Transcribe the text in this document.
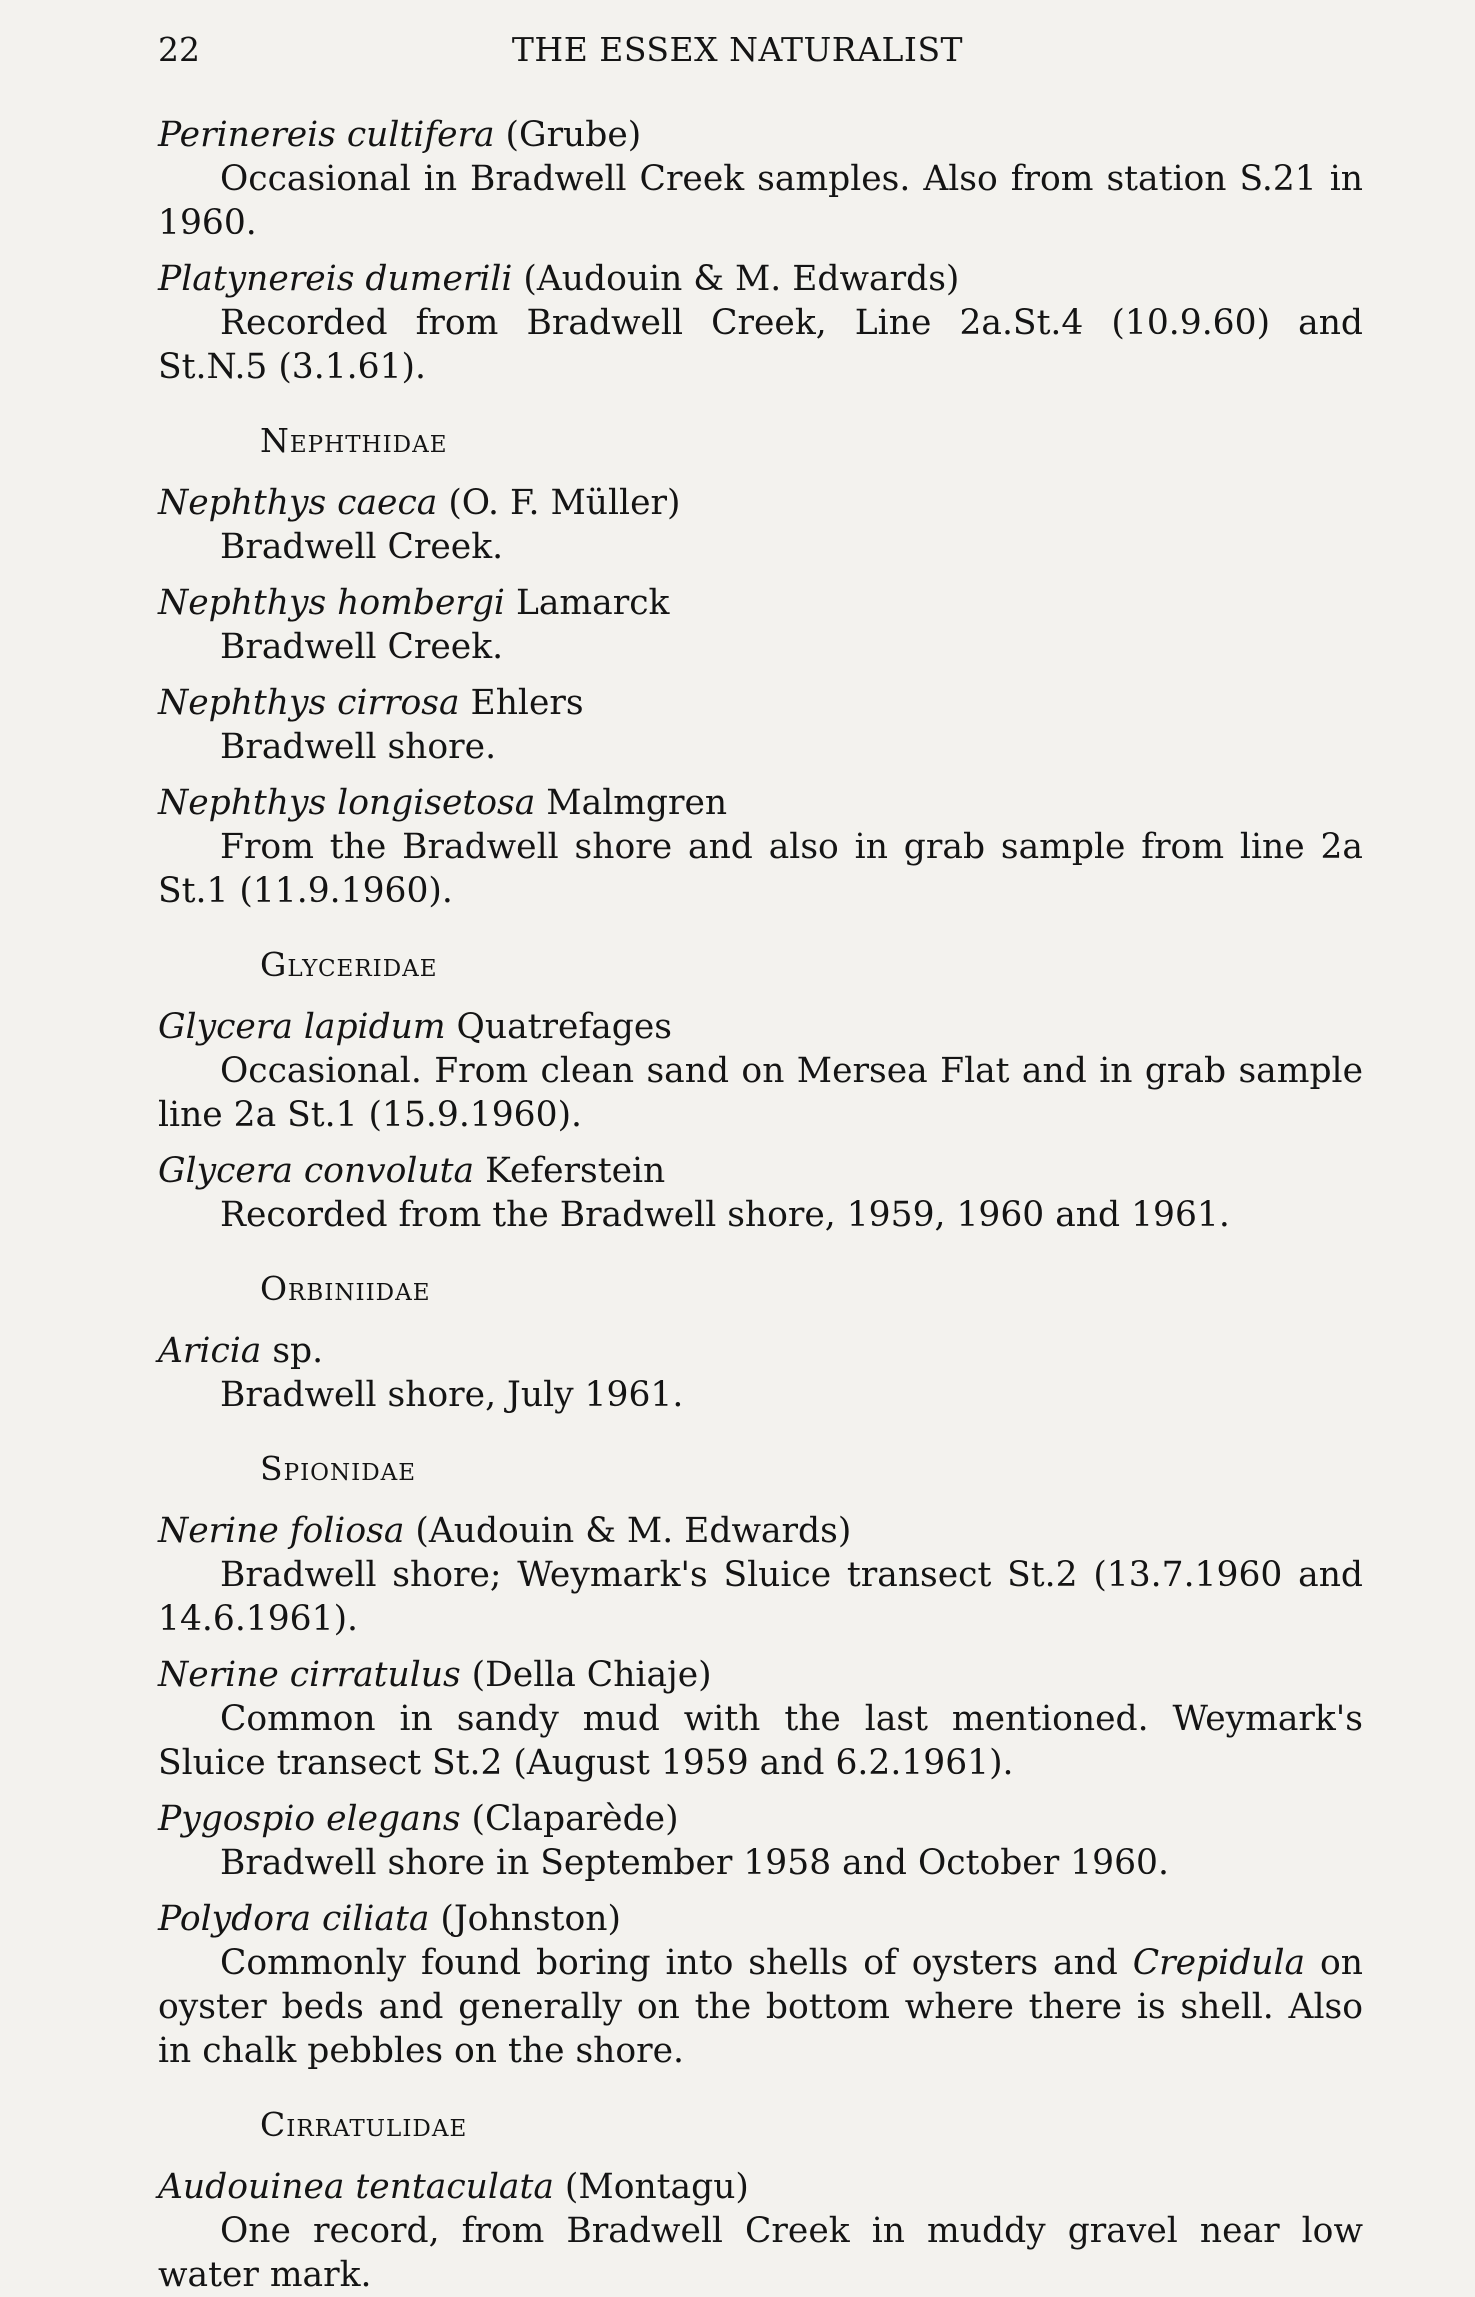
22	THE ESSEX NATURALIST

Perinereis cultifera (Grube)

Occasional in Bradwell Creek samples. Also from station S.21 in 1960.

Platynereis dumerili (Audouin & M. Edwards)

Recorded from Bradwell Creek, Line 2a.St.4 (10.9.60) and St.N.5 (3.1.61).

Nephthidae

Nephthys caeca (O. F. Müller)

Bradwell Creek.

Nephthys hombergi Lamarck

Bradwell Creek.

Nephthys cirrosa Ehlers

Bradwell shore.

Nephthys longisetosa Malmgren

From the Bradwell shore and also in grab sample from line 2a St.1 (11.9.1960).

Glyceridae

Glycera lapidum Quatrefages

Occasional. From clean sand on Mersea Flat and in grab sample line 2a St.1 (15.9.1960).

Glycera convoluta Keferstein

Recorded from the Bradwell shore, 1959, 1960 and 1961.

Orbiniidae

Aricia sp.

Bradwell shore, July 1961.

Spionidae

Nerine foliosa (Audouin & M. Edwards)

Bradwell shore; Weymark's Sluice transect St.2 (13.7.1960 and 14.6.1961).

Nerine cirratulus (Della Chiaje)

Common in sandy mud with the last mentioned. Weymark's Sluice transect St.2 (August 1959 and 6.2.1961).

Pygospio elegans (Claparède)

Bradwell shore in September 1958 and October 1960.

Polydora ciliata (Johnston)

Commonly found boring into shells of oysters and Crepidula on oyster beds and generally on the bottom where there is shell. Also in chalk pebbles on the shore.

Cirratulidae

Audouinea tentaculata (Montagu)

One record, from Bradwell Creek in muddy gravel near low water mark.
